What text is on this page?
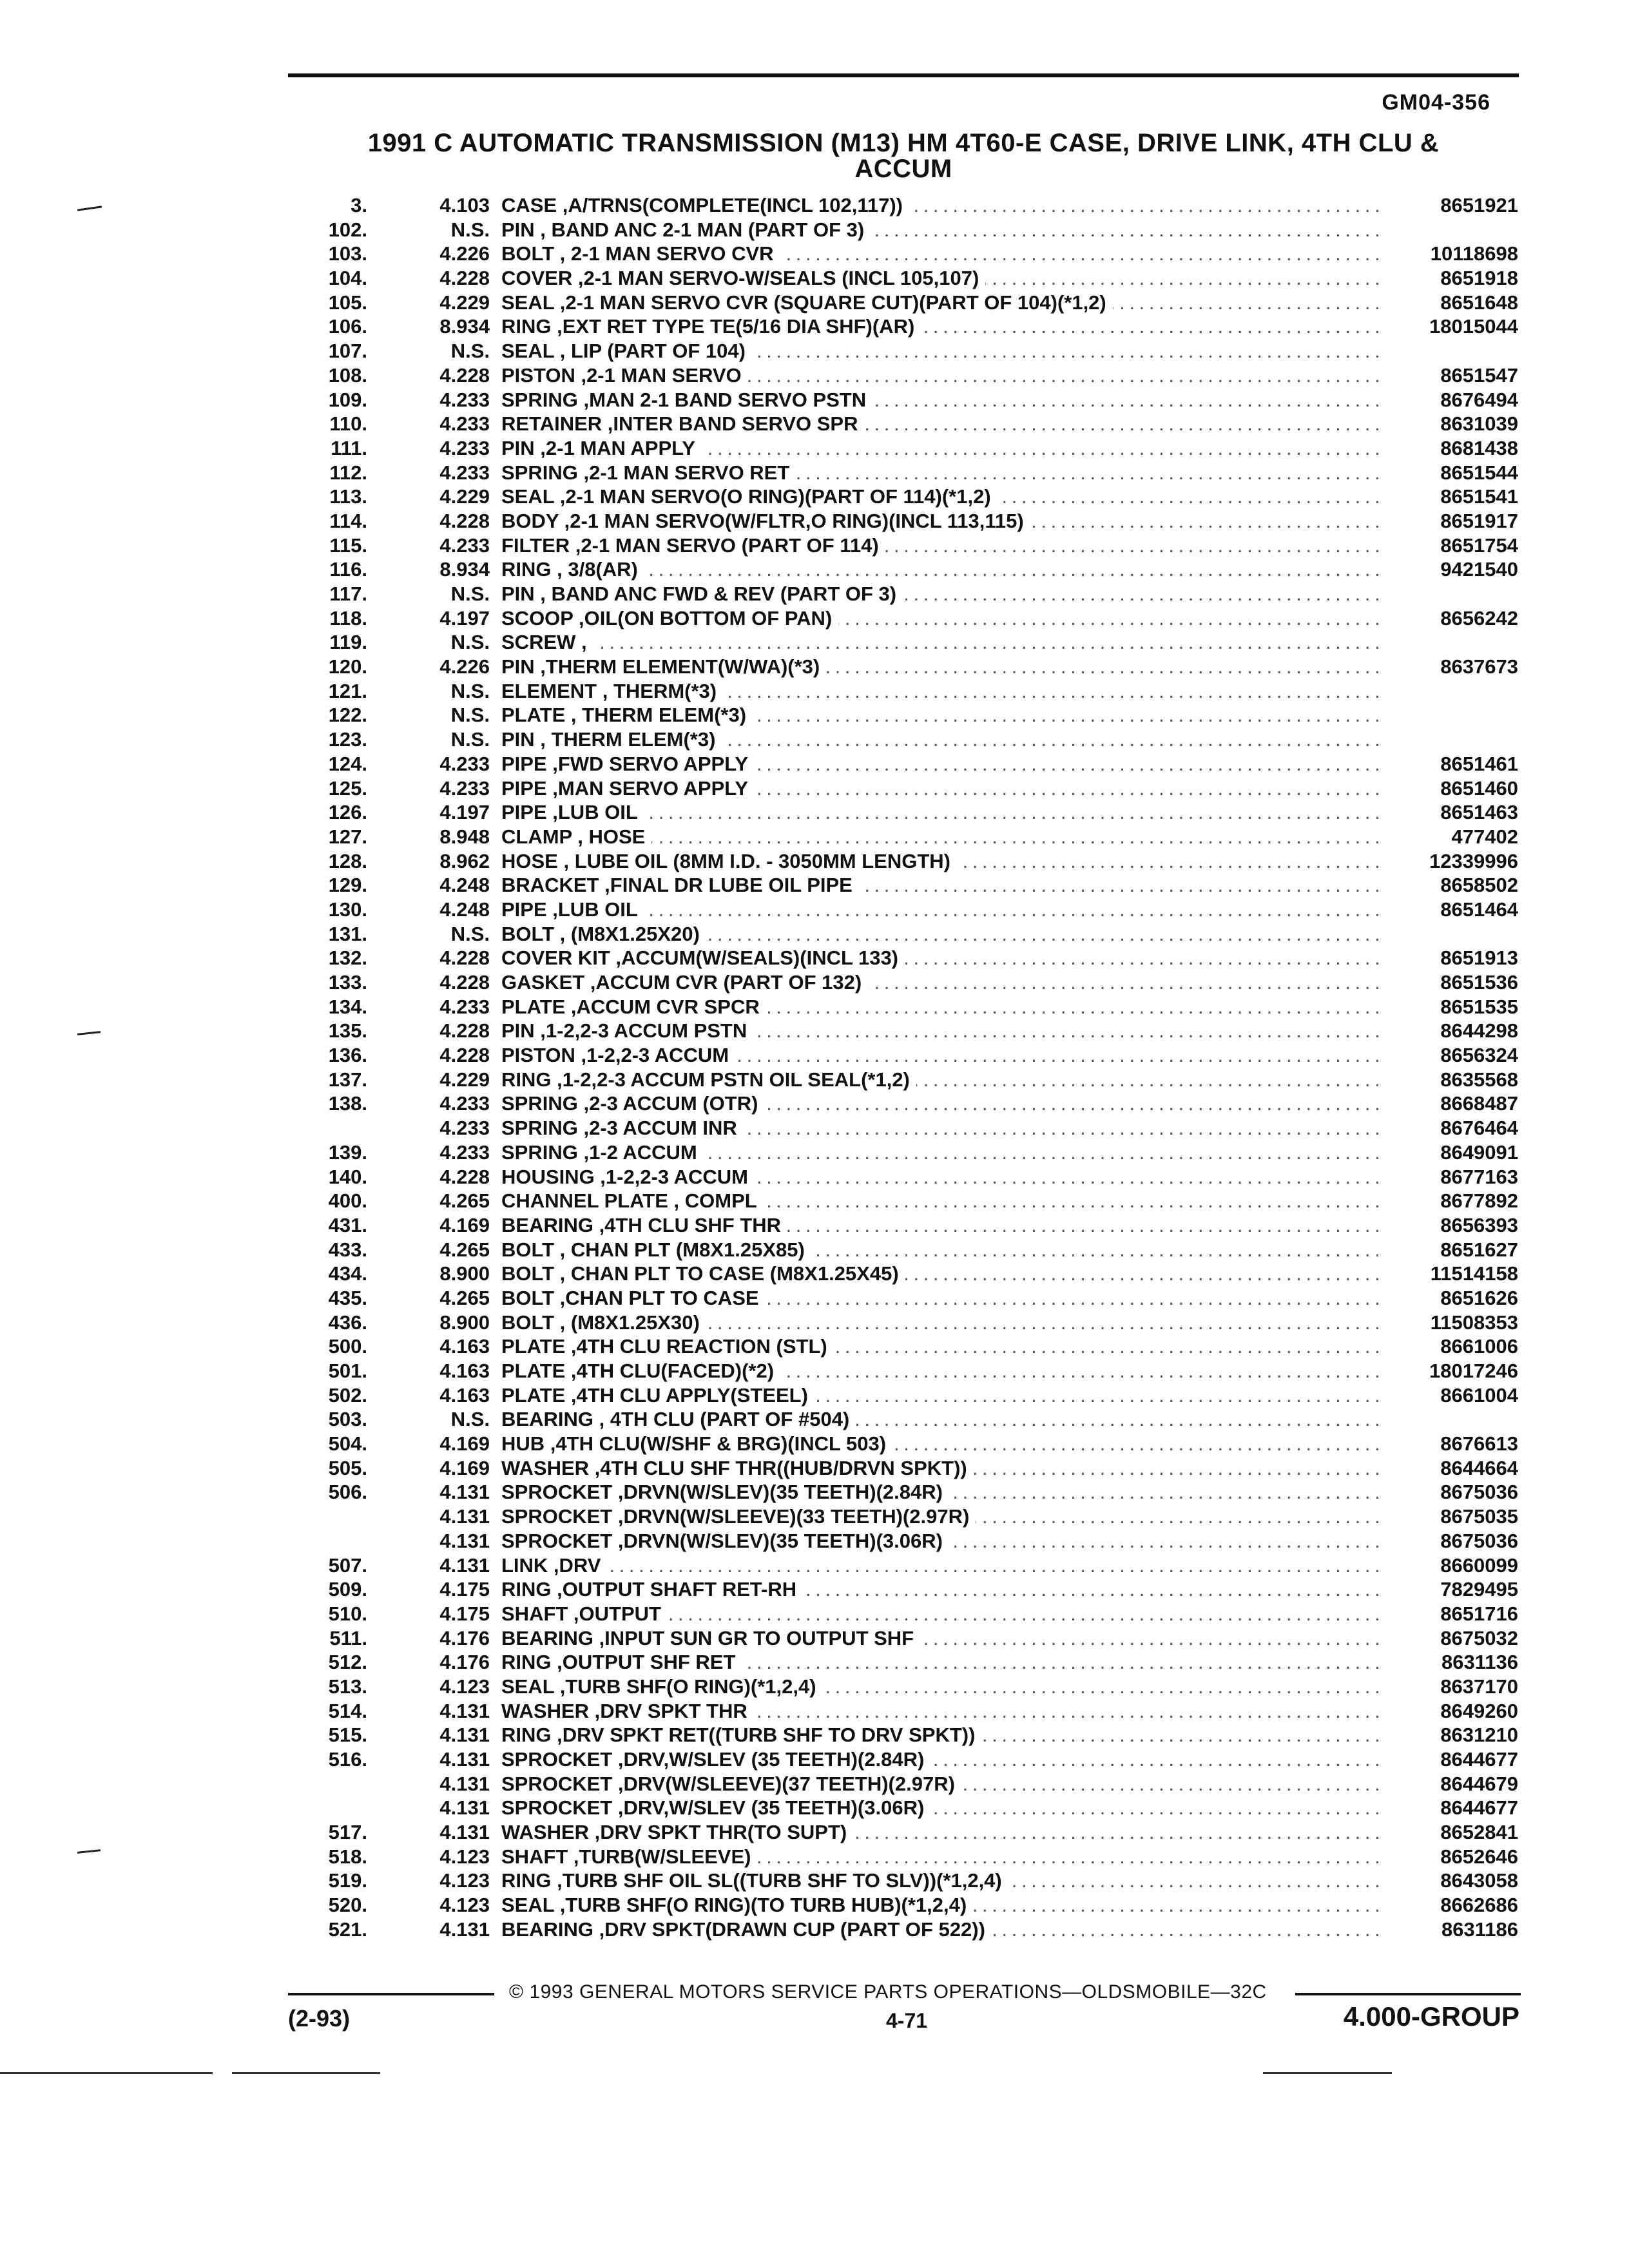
GM04-356
1991 C AUTOMATIC TRANSMISSION (M13) HM 4T60-E CASE, DRIVE LINK, 4TH CLU &
ACCUM
3.	4.103 . . . CASE ,A/TRNS(COMPLETE(INCL 102,117))	8651921
102.	N.S. . . . PIN , BAND ANC 2-1 MAN (PART OF 3)
103.	4.226 . . . BOLT , 2-1 MAN SERVO CVR	10118698
104.	4.228 . . . COVER ,2-1 MAN SERVO-W/SEALS (INCL 105,107)	8651918
105.	4.229 . . . SEAL ,2-1 MAN SERVO CVR (SQUARE CUT)(PART OF 104)(*1,2)	8651648
106.	8.934 . . . RING ,EXT RET TYPE TE(5/16 DIA SHF)(AR)	18015044
107.	N.S. . . . SEAL , LIP (PART OF 104)
108.	4.228 . . . PISTON ,2-1 MAN SERVO	8651547
109.	4.233 . . . SPRING ,MAN 2-1 BAND SERVO PSTN	8676494
110.	4.233 . . . RETAINER ,INTER BAND SERVO SPR	8631039
111.	4.233 . . . PIN ,2-1 MAN APPLY	8681438
112.	4.233 . . . SPRING ,2-1 MAN SERVO RET	8651544
113.	4.229 . . . SEAL ,2-1 MAN SERVO(O RING)(PART OF 114)(*1,2)	8651541
114.	4.228 . . . BODY ,2-1 MAN SERVO(W/FLTR,O RING)(INCL 113,115)	8651917
115.	4.233 . . . FILTER ,2-1 MAN SERVO (PART OF 114)	8651754
116.	8.934 . . . RING , 3/8(AR)	9421540
117.	N.S. . . . PIN , BAND ANC FWD & REV (PART OF 3)
118.	4.197 . . . SCOOP ,OIL(ON BOTTOM OF PAN)	8656242
119.	N.S. . . . SCREW ,
120.	4.226 . . . PIN ,THERM ELEMENT(W/WA)(*3)	8637673
121.	N.S. . . . ELEMENT , THERM(*3)
122.	N.S. . . . PLATE , THERM ELEM(*3)
123.	N.S. . . . PIN , THERM ELEM(*3)
124.	4.233 . . . PIPE ,FWD SERVO APPLY	8651461
125.	4.233 . . . PIPE ,MAN SERVO APPLY	8651460
126.	4.197 . . . PIPE ,LUB OIL	8651463
127.	8.948 . . . CLAMP , HOSE	477402
128.	8.962 . . . HOSE , LUBE OIL (8MM I.D. - 3050MM LENGTH)	12339996
129.	4.248 . . . BRACKET ,FINAL DR LUBE OIL PIPE	8658502
130.	4.248 . . . PIPE ,LUB OIL	8651464
131.	N.S. . . . BOLT , (M8X1.25X20)
132.	4.228 . . . COVER KIT ,ACCUM(W/SEALS)(INCL 133)	8651913
133.	4.228 . . . GASKET ,ACCUM CVR (PART OF 132)	8651536
134.	4.233 . . . PLATE ,ACCUM CVR SPCR	8651535
135.	4.228 . . . PIN ,1-2,2-3 ACCUM PSTN	8644298
136.	4.228 . . . PISTON ,1-2,2-3 ACCUM	8656324
137.	4.229 . . . RING ,1-2,2-3 ACCUM PSTN OIL SEAL(*1,2)	8635568
138.	4.233 . . . SPRING ,2-3 ACCUM (OTR)	8668487
4.233 . . . SPRING ,2-3 ACCUM INR	8676464
139.	4.233 . . . SPRING ,1-2 ACCUM	8649091
140.	4.228 . . . HOUSING ,1-2,2-3 ACCUM	8677163
400.	4.265 . . . CHANNEL PLATE , COMPL	8677892
431.	4.169 . . . BEARING ,4TH CLU SHF THR	8656393
433.	4.265 . . . BOLT , CHAN PLT (M8X1.25X85)	8651627
434.	8.900 . . . BOLT , CHAN PLT TO CASE (M8X1.25X45)	11514158
435.	4.265 . . . BOLT ,CHAN PLT TO CASE	8651626
436.	8.900 . . . BOLT , (M8X1.25X30)	11508353
500.	4.163 . . . PLATE ,4TH CLU REACTION (STL)	8661006
501.	4.163 . . . PLATE ,4TH CLU(FACED)(*2)	18017246
502.	4.163 . . . PLATE ,4TH CLU APPLY(STEEL)	8661004
503.	N.S. . . . BEARING , 4TH CLU (PART OF #504)
504.	4.169 . . . HUB ,4TH CLU(W/SHF & BRG)(INCL 503)	8676613
505.	4.169 . . . WASHER ,4TH CLU SHF THR((HUB/DRVN SPKT))	8644664
506.	4.131 . . . SPROCKET ,DRVN(W/SLEV)(35 TEETH)(2.84R)	8675036
4.131 . . . SPROCKET ,DRVN(W/SLEEVE)(33 TEETH)(2.97R)	8675035
4.131 . . . SPROCKET ,DRVN(W/SLEV)(35 TEETH)(3.06R)	8675036
507.	4.131 . . . LINK ,DRV	8660099
509.	4.175 . . . RING ,OUTPUT SHAFT RET-RH	7829495
510.	4.175 . . . SHAFT ,OUTPUT	8651716
511.	4.176 . . . BEARING ,INPUT SUN GR TO OUTPUT SHF	8675032
512.	4.176 . . . RING ,OUTPUT SHF RET	8631136
513.	4.123 . . . SEAL ,TURB SHF(O RING)(*1,2,4)	8637170
514.	4.131 . . . WASHER ,DRV SPKT THR	8649260
515.	4.131 . . . RING ,DRV SPKT RET((TURB SHF TO DRV SPKT))	8631210
516.	4.131 . . . SPROCKET ,DRV,W/SLEV (35 TEETH)(2.84R)	8644677
4.131 . . . SPROCKET ,DRV(W/SLEEVE)(37 TEETH)(2.97R)	8644679
4.131 . . . SPROCKET ,DRV,W/SLEV (35 TEETH)(3.06R)	8644677
517.	4.131 . . . WASHER ,DRV SPKT THR(TO SUPT)	8652841
518.	4.123 . . . SHAFT ,TURB(W/SLEEVE)	8652646
519.	4.123 . . . RING ,TURB SHF OIL SL((TURB SHF TO SLV))(*1,2,4)	8643058
520.	4.123 . . . SEAL ,TURB SHF(O RING)(TO TURB HUB)(*1,2,4)	8662686
521.	4.131 . . . BEARING ,DRV SPKT(DRAWN CUP (PART OF 522))	8631186
© 1993 GENERAL MOTORS SERVICE PARTS OPERATIONS—OLDSMOBILE—32C
(2-93)	4-71	4.000-GROUP
